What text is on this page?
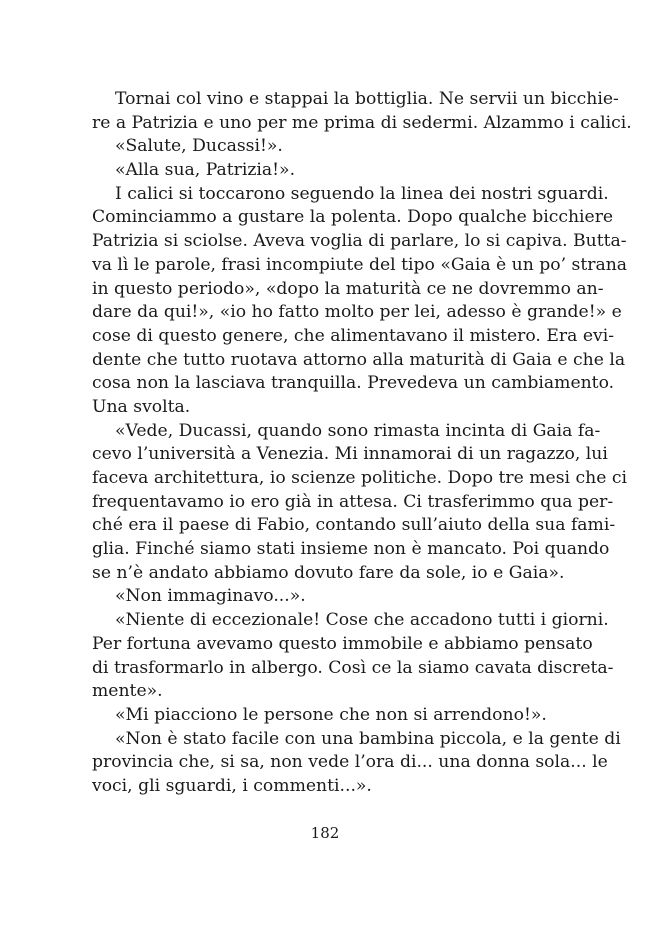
Tornai col vino e stappai la bottiglia. Ne servii un bicchie-
re a Patrizia e uno per me prima di sedermi. Alzammo i calici.
«Salute, Ducassi!».
«Alla sua, Patrizia!».
I calici si toccarono seguendo la linea dei nostri sguardi.
Cominciammo a gustare la polenta. Dopo qualche bicchiere
Patrizia si sciolse. Aveva voglia di parlare, lo si capiva. Butta-
va lì le parole, frasi incompiute del tipo «Gaia è un po’ strana
in questo periodo», «dopo la maturità ce ne dovremmo an-
dare da qui!», «io ho fatto molto per lei, adesso è grande!» e
cose di questo genere, che alimentavano il mistero. Era evi-
dente che tutto ruotava attorno alla maturità di Gaia e che la
cosa non la lasciava tranquilla. Prevedeva un cambiamento.
Una svolta.
«Vede, Ducassi, quando sono rimasta incinta di Gaia fa-
cevo l’università a Venezia. Mi innamorai di un ragazzo, lui
faceva architettura, io scienze politiche. Dopo tre mesi che ci
frequentavamo io ero già in attesa. Ci trasferimmo qua per-
ché era il paese di Fabio, contando sull’aiuto della sua fami-
glia. Finché siamo stati insieme non è mancato. Poi quando
se n’è andato abbiamo dovuto fare da sole, io e Gaia».
«Non immaginavo...».
«Niente di eccezionale! Cose che accadono tutti i giorni.
Per fortuna avevamo questo immobile e abbiamo pensato
di trasformarlo in albergo. Così ce la siamo cavata discreta-
mente».
«Mi piacciono le persone che non si arrendono!».
«Non è stato facile con una bambina piccola, e la gente di
provincia che, si sa, non vede l’ora di... una donna sola... le
voci, gli sguardi, i commenti...».
182
